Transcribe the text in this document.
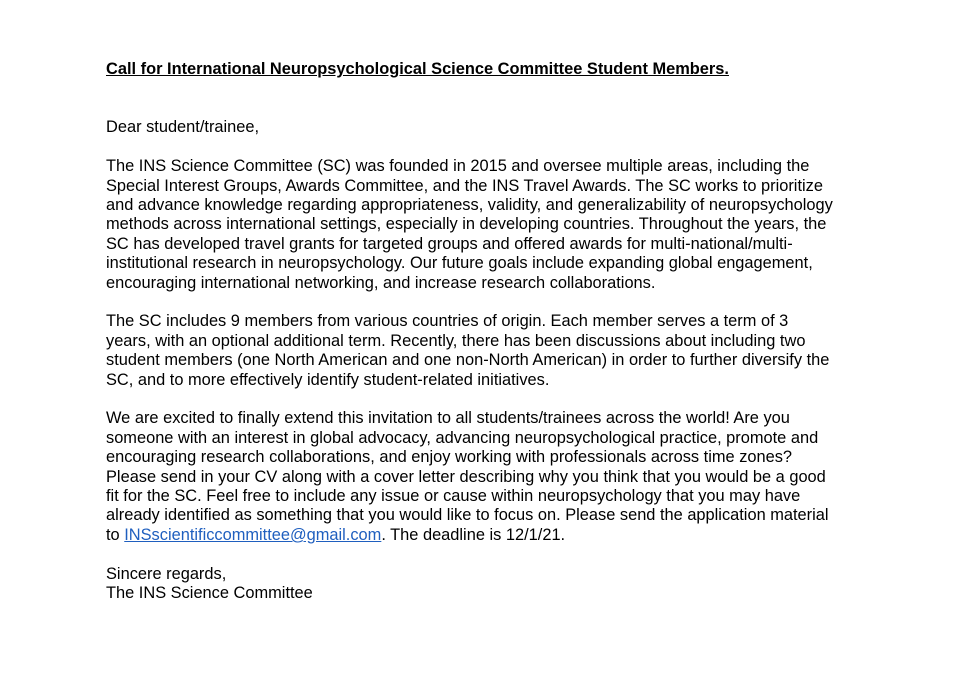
Call for International Neuropsychological Science Committee Student Members.
Dear student/trainee,
The INS Science Committee (SC) was founded in 2015 and oversee multiple areas, including the
Special Interest Groups, Awards Committee, and the INS Travel Awards. The SC works to prioritize
and advance knowledge regarding appropriateness, validity, and generalizability of neuropsychology
methods across international settings, especially in developing countries. Throughout the years, the
SC has developed travel grants for targeted groups and offered awards for multi-national/multi-
institutional research in neuropsychology. Our future goals include expanding global engagement,
encouraging international networking, and increase research collaborations.
The SC includes 9 members from various countries of origin. Each member serves a term of 3
years, with an optional additional term. Recently, there has been discussions about including two
student members (one North American and one non-North American) in order to further diversify the
SC, and to more effectively identify student-related initiatives.
We are excited to finally extend this invitation to all students/trainees across the world! Are you
someone with an interest in global advocacy, advancing neuropsychological practice, promote and
encouraging research collaborations, and enjoy working with professionals across time zones?
Please send in your CV along with a cover letter describing why you think that you would be a good
fit for the SC. Feel free to include any issue or cause within neuropsychology that you may have
already identified as something that you would like to focus on. Please send the application material
to INSscientificcommittee@gmail.com. The deadline is 12/1/21.
Sincere regards,
The INS Science Committee
